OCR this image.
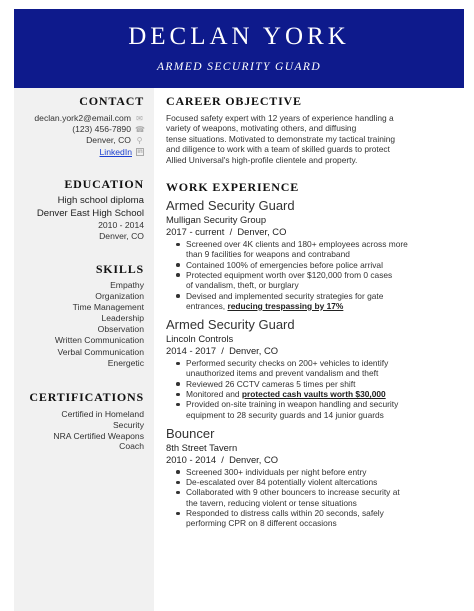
DECLAN YORK
ARMED SECURITY GUARD
CONTACT
declan.york2@email.com ✉
(123) 456-7890 ☎
Denver, CO ⚲
LinkedIn in
EDUCATION
High school diploma
Denver East High School
2010 - 2014
Denver, CO
SKILLS
Empathy
Organization
Time Management
Leadership
Observation
Written Communication
Verbal Communication
Energetic
CERTIFICATIONS
Certified in Homeland
Security
NRA Certified Weapons
Coach
CAREER OBJECTIVE
Focused safety expert with 12 years of experience handling a
variety of weapons, motivating others, and diffusing
tense situations. Motivated to demonstrate my tactical training
and diligence to work with a team of skilled guards to protect
Allied Universal's high-profile clientele and property.
WORK EXPERIENCE
Armed Security Guard
Mulligan Security Group
2017 - current  /  Denver, CO
Screened over 4K clients and 180+ employees across more
than 9 facilities for weapons and contraband
Contained 100% of emergencies before police arrival
Protected equipment worth over $120,000 from 0 cases
of vandalism, theft, or burglary
Devised and implemented security strategies for gate
entrances, reducing trespassing by 17%
Armed Security Guard
Lincoln Controls
2014 - 2017  /  Denver, CO
Performed security checks on 200+ vehicles to identify
unauthorized items and prevent vandalism and theft
Reviewed 26 CCTV cameras 5 times per shift
Monitored and protected cash vaults worth $30,000
Provided on-site training in weapon handling and security
equipment to 28 security guards and 14 junior guards
Bouncer
8th Street Tavern
2010 - 2014  /  Denver, CO
Screened 300+ individuals per night before entry
De-escalated over 84 potentially violent altercations
Collaborated with 9 other bouncers to increase security at
the tavern, reducing violent or tense situations
Responded to distress calls within 20 seconds, safely
performing CPR on 8 different occasions
